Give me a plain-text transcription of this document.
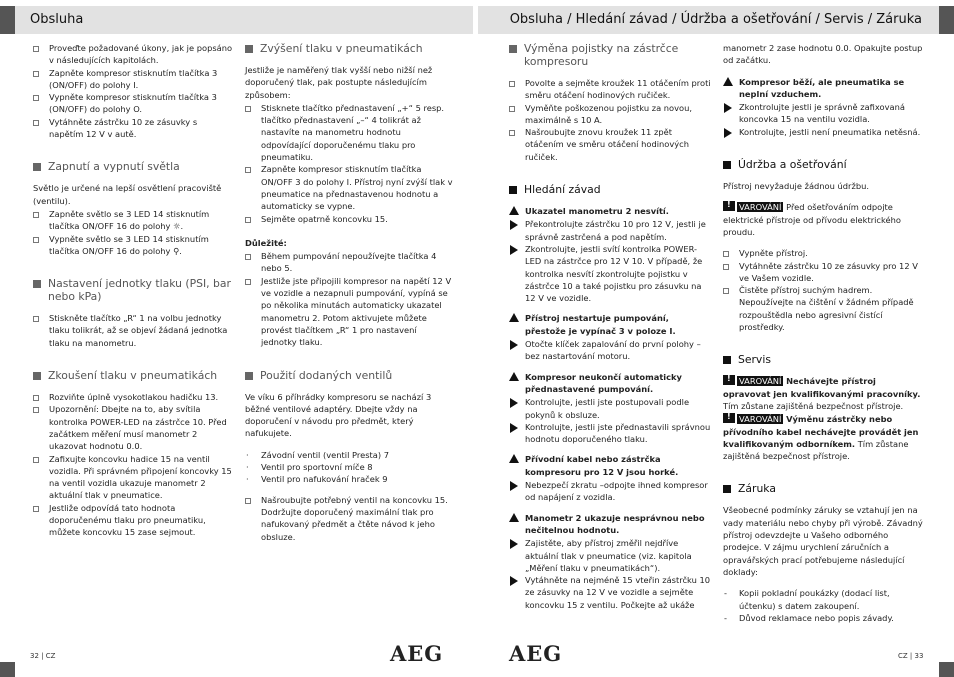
Obsluha	Obsluha / Hledání závad / Údržba a ošetřování / Servis / Záruka
Proveďte požadované úkony, jak je popsáno v následujících kapitolách.
Zapněte kompresor stisknutím tlačítka 3 (ON/OFF) do polohy I.
Vypněte kompresor stisknutím tlačítka 3 (ON/OFF) do polohy O.
Vytáhněte zástrčku 10 ze zásuvky s napětím 12 V v autě.
Zapnutí a vypnutí světla

Světlo je určené na lepší osvětlení pracoviště (ventilu).

Zapněte světlo se 3 LED 14 stisknutím tlačítka ON/OFF 16 do polohy ☼.
Vypněte světlo se 3 LED 14 stisknutím tlačítka ON/OFF 16 do polohy ⚲.
Nastavení jednotky tlaku (PSI, bar nebo kPa)
Stiskněte tlačítko „R“ 1 na volbu jednotky tlaku tolikrát, až se objeví žádaná jednotka tlaku na manometru.
Zkoušení tlaku v pneumatikách
Rozviňte úplně vysokotlakou hadičku 13.
Upozornění: Dbejte na to, aby svítila kontrolka POWER-LED na zástrčce 10. Před začátkem měření musí manometr 2 ukazovat hodnotu 0.0.
Zafixujte koncovku hadice 15 na ventil vozidla. Při správném připojení koncovky 15 na ventil vozidla ukazuje manometr 2 aktuální tlak v pneumatice.
Jestliže odpovídá tato hodnota doporučenému tlaku pro pneumatiku, můžete koncovku 15 zase sejmout.
Zvýšení tlaku v pneumatikách

Jestliže je naměřený tlak vyšší nebo nižší než doporučený tlak, pak postupte následujícím způsobem:

Stisknete tlačítko přednastavení „+“ 5 resp. tlačítko přednastavení „–“ 4 tolikrát až nastavíte na manometru hodnotu odpovídající doporučenému tlaku pro pneumatiku.
Zapněte kompresor stisknutím tlačítka ON/OFF 3 do polohy I. Přístroj nyní zvýší tlak v pneumatice na přednastavenou hodnotu a automaticky se vypne.
Sejměte opatrně koncovku 15.

Důležité:

Během pumpování nepoužívejte tlačítka 4 nebo 5.
Jestliže jste připojili kompresor na napětí 12 V ve vozidle a nezapnuli pumpování, vypíná se po několika minutách automaticky ukazatel manometru 2. Potom aktivujete můžete provést tlačítkem „R“ 1 pro nastavení jednotky tlaku.
Použití dodaných ventilů

Ve víku 6 příhrádky kompresoru se nachází 3 běžné ventilové adaptéry. Dbejte vždy na doporučení v návodu pro předmět, který nafukujete.

· Závodní ventil (ventil Presta) 7
· Ventil pro sportovní míče 8
· Ventil pro nafukování hraček 9
Našroubujte potřebný ventil na koncovku 15. Dodržujte doporučený maximální tlak pro nafukovaný předmět a čtěte návod k jeho obsluze.
Výměna pojistky na zástrčce kompresoru
Povolte a sejměte kroužek 11 otáčením proti směru otáčení hodinových ručiček.
Vyměňte poškozenou pojistku za novou, maximálně s 10 A.
Našroubujte znovu kroužek 11 zpět otáčením ve směru otáčení hodinových ručiček.
Hledání závad

Ukazatel manometru 2 nesvítí.

Překontrolujte zástrčku 10 pro 12 V, jestli je správně zastrčená a pod napětím.
Zkontrolujte, jestli svítí kontrolka POWER-LED na zástrčce pro 12 V 10. V případě, že kontrolka nesvítí zkontrolujte pojistku v zástrčce 10 a také pojistku pro zásuvku na 12 V ve vozidle.

Přístroj nestartuje pumpování, přestože je vypínač 3 v poloze I.

Otočte klíček zapalování do první polohy – bez nastartování motoru.

Kompresor neukončí automaticky přednastavené pumpování.

Kontrolujte, jestli jste postupovali podle pokynů k obsluze.
Kontrolujte, jestli jste přednastavili správnou hodnotu doporučeného tlaku.

Přívodní kabel nebo zástrčka kompresoru pro 12 V jsou horké.

Nebezpečí zkratu –odpojte ihned kompresor od napájení z vozidla.

Manometr 2 ukazuje nesprávnou nebo nečitelnou hodnotu.

Zajistěte, aby přístroj změřil nejdříve aktuální tlak v pneumatice (viz. kapitola „Měření tlaku v pneumatikách“).
Vytáhněte na nejméně 15 vteřin zástrčku 10 ze zásuvky na 12 V ve vozidle a sejměte koncovku 15 z ventilu. Počkejte až ukáže

manometr 2 zase hodnotu 0.0. Opakujte postup od začátku.

Kompresor běží, ale pneumatika se neplní vzduchem.

Zkontrolujte jestli je správně zafixovaná koncovka 15 na ventilu vozidla.
Kontrolujte, jestli není pneumatika netěsná.
Údržba a ošetřování

Přístroj nevyžaduje žádnou údržbu.

!VAROVÁNÍ Před ošetřováním odpojte elektrické přístroje od přívodu elektrického proudu.

Vypněte přístroj.
Vytáhněte zástrčku 10 ze zásuvky pro 12 V ve Vašem vozidle.
Čistěte přístroj suchým hadrem. Nepoužívejte na čištění v žádném případě rozpouštědla nebo agresivní čistící prostředky.
Servis

!VAROVÁNÍ Nechávejte přístroj opravovat jen kvalifikovanými pracovníky. Tím zůstane zajištěná bezpečnost přístroje.

!VAROVÁNÍ Výměnu zástrčky nebo přívodního kabel nechávejte provádět jen kvalifikovaným odborníkem. Tím zůstane zajištěná bezpečnost přístroje.

Záruka

Všeobecné podmínky záruky se vztahují jen na vady materiálu nebo chyby při výrobě. Závadný přístroj odevzdejte u Vašeho odborného prodejce. V zájmu urychlení záručních a opravářských prací potřebujeme následující doklady:

- Kopii pokladní poukázky (dodací list, účtenku) s datem zakoupení.
- Důvod reklamace nebo popis závady.
32 | CZ	CZ | 33
AEG	AEG
